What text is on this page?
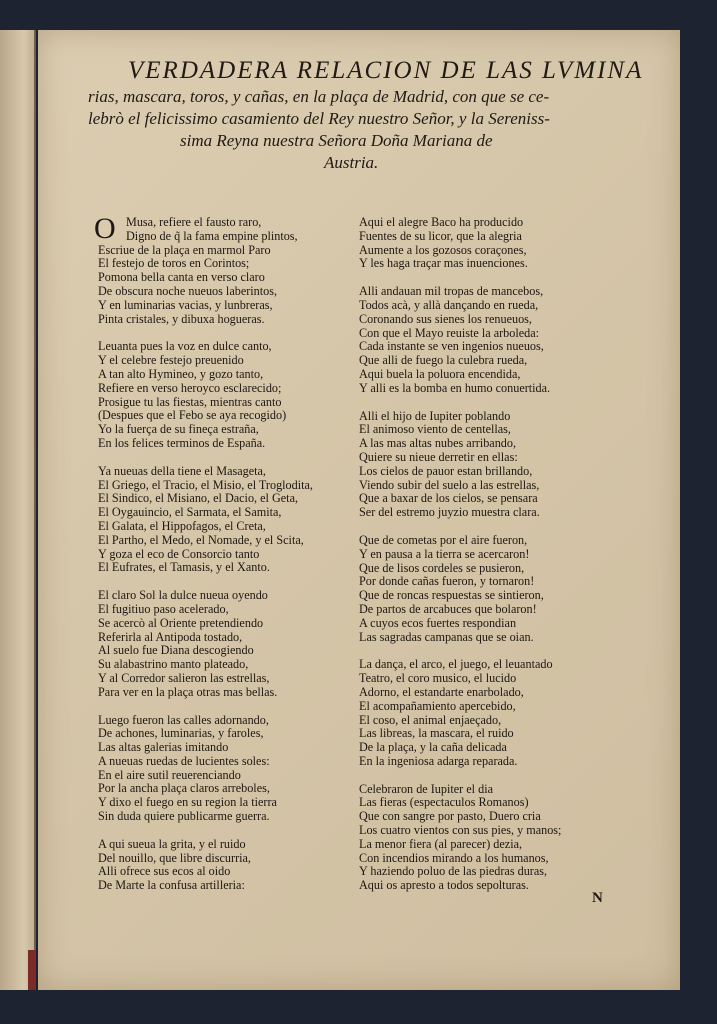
VERDADERA RELACION DE LAS LVMINA
rias, mascara, toros, y cañas, en la plaça de Madrid, con que se ce-
lebrò el felicissimo casamiento del Rey nuestro Señor, y la Sereniss-
sima Reyna nuestra Señora Doña Mariana de
Austria.
O Musa, refiere el fausto raro,
Digno de q̃ la fama empine plintos,
Escriue de la plaça en marmol Paro
El festejo de toros en Corintos;
Pomona bella canta en verso claro
De obscura noche nueuos laberintos,
Y en luminarias vacias, y lunbreras,
Pinta cristales, y dibuxa hogueras.
Leuanta pues la voz en dulce canto,
Y el celebre festejo preuenido
A tan alto Hymineo, y gozo tanto,
Refiere en verso heroyco esclarecido;
Prosigue tu las fiestas, mientras canto
(Despues que el Febo se aya recogido)
Yo la fuerça de su fineça estraña,
En los felices terminos de España.
Ya nueuas della tiene el Masageta,
El Griego, el Tracio, el Misio, el Troglodita,
El Sindico, el Misiano, el Dacio, el Geta,
El Oygauincio, el Sarmata, el Samita,
El Galata, el Hippofagos, el Creta,
El Partho, el Medo, el Nomade, y el Scita,
Y goza el eco de Consorcio tanto
El Eufrates, el Tamasis, y el Xanto.
El claro Sol la dulce nueua oyendo
El fugitiuo paso acelerado,
Se acercò al Oriente pretendiendo
Referirla al Antipoda tostado,
Al suelo fue Diana descogiendo
Su alabastrino manto plateado,
Y al Corredor salieron las estrellas,
Para ver en la plaça otras mas bellas.
Luego fueron las calles adornando,
De achones, luminarias, y faroles,
Las altas galerias imitando
A nueuas ruedas de lucientes soles:
En el aire sutil reuerenciando
Por la ancha plaça claros arreboles,
Y dixo el fuego en su region la tierra
Sin duda quiere publicarme guerra.
A qui sueua la grita, y el ruido
Del nouillo, que libre discurria,
Alli ofrece sus ecos al oido
De Marte la confusa artilleria:
Aqui el alegre Baco ha producido
Fuentes de su licor, que la alegria
Aumente a los gozosos coraçones,
Y les haga traçar mas inuenciones.
Alli andauan mil tropas de mancebos,
Todos acà, y allà dançando en rueda,
Coronando sus sienes los renueuos,
Con que el Mayo reuiste la arboleda:
Cada instante se ven ingenios nueuos,
Que alli de fuego la culebra rueda,
Aqui buela la poluora encendida,
Y alli es la bomba en humo conuertida.
Alli el hijo de Iupiter poblando
El animoso viento de centellas,
A las mas altas nubes arribando,
Quiere su nieue derretir en ellas:
Los cielos de pauor estan brillando,
Viendo subir del suelo a las estrellas,
Que a baxar de los cielos, se pensara
Ser del estremo juyzio muestra clara.
Que de cometas por el aire fueron,
Y en pausa a la tierra se acercaron!
Que de lisos cordeles se pusieron,
Por donde cañas fueron, y tornaron!
Que de roncas respuestas se sintieron,
De partos de arcabuces que bolaron!
A cuyos ecos fuertes respondian
Las sagradas campanas que se oian.
La dança, el arco, el juego, el leuantado
Teatro, el coro musico, el lucido
Adorno, el estandarte enarbolado,
El acompañamiento apercebido,
El coso, el animal enjaeçado,
Las libreas, la mascara, el ruido
De la plaça, y la caña delicada
En la ingeniosa adarga reparada.
Celebraron de Iupiter el dia
Las fieras (espectaculos Romanos)
Que con sangre por pasto, Duero cria
Los cuatro vientos con sus pies, y manos;
La menor fiera (al parecer) dezia,
Con incendios mirando a los humanos,
Y haziendo poluo de las piedras duras,
Aqui os apresto a todos sepolturas.
N
